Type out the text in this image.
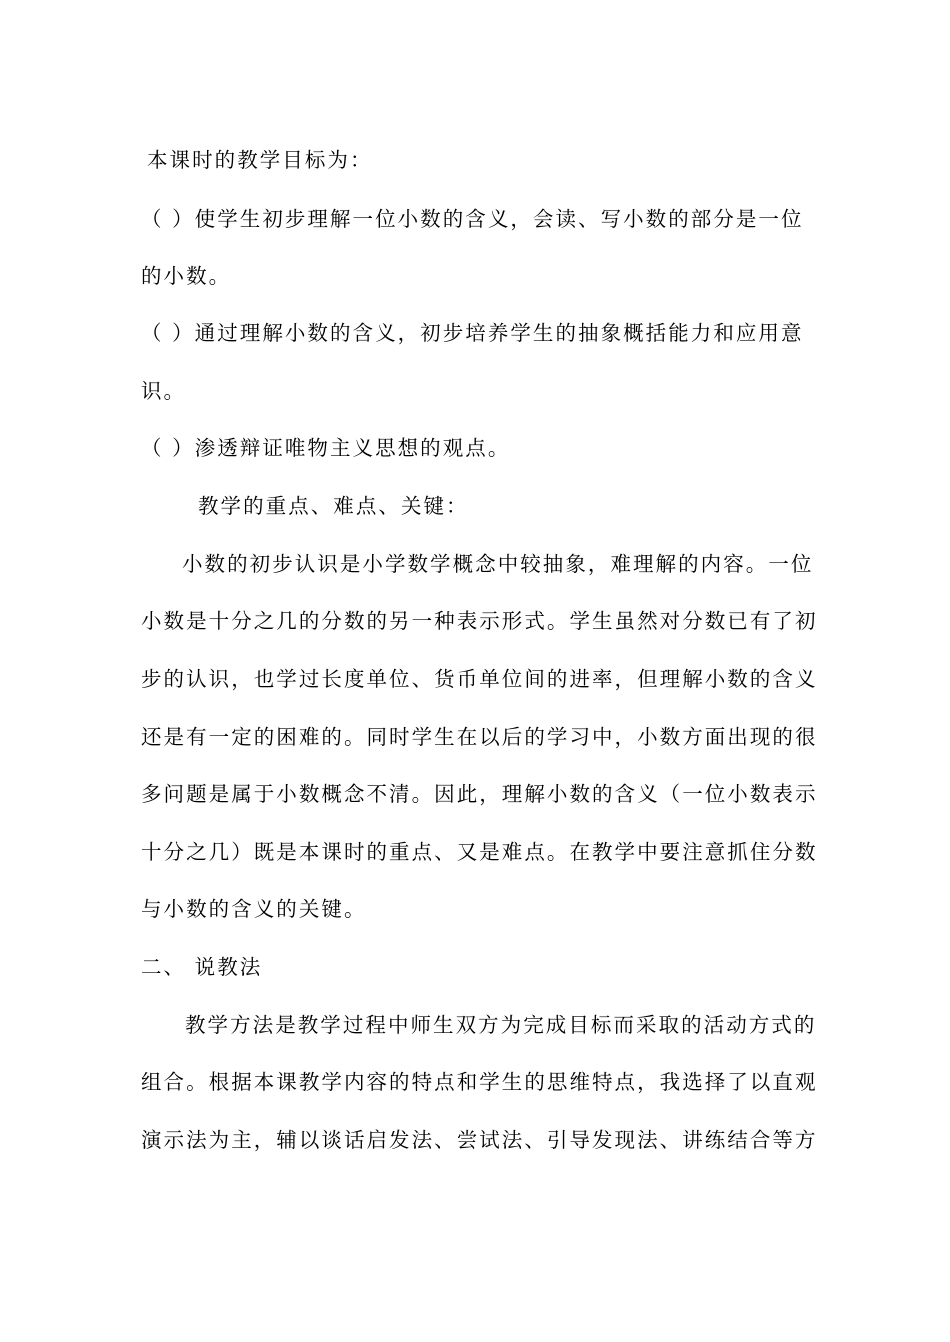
本课时的教学目标为：
（ ）使学生初步理解一位小数的含义，会读、写小数的部分是一位
的小数。
（ ）通过理解小数的含义，初步培养学生的抽象概括能力和应用意
识。
（ ）渗透辩证唯物主义思想的观点。
教学的重点、难点、关键：
小数的初步认识是小学数学概念中较抽象，难理解的内容。一位
小数是十分之几的分数的另一种表示形式。学生虽然对分数已有了初
步的认识，也学过长度单位、货币单位间的进率，但理解小数的含义
还是有一定的困难的。同时学生在以后的学习中，小数方面出现的很
多问题是属于小数概念不清。因此，理解小数的含义（一位小数表示
十分之几）既是本课时的重点、又是难点。在教学中要注意抓住分数
与小数的含义的关键。
二、 说教法
教学方法是教学过程中师生双方为完成目标而采取的活动方式的
组合。根据本课教学内容的特点和学生的思维特点，我选择了以直观
演示法为主，辅以谈话启发法、尝试法、引导发现法、讲练结合等方
